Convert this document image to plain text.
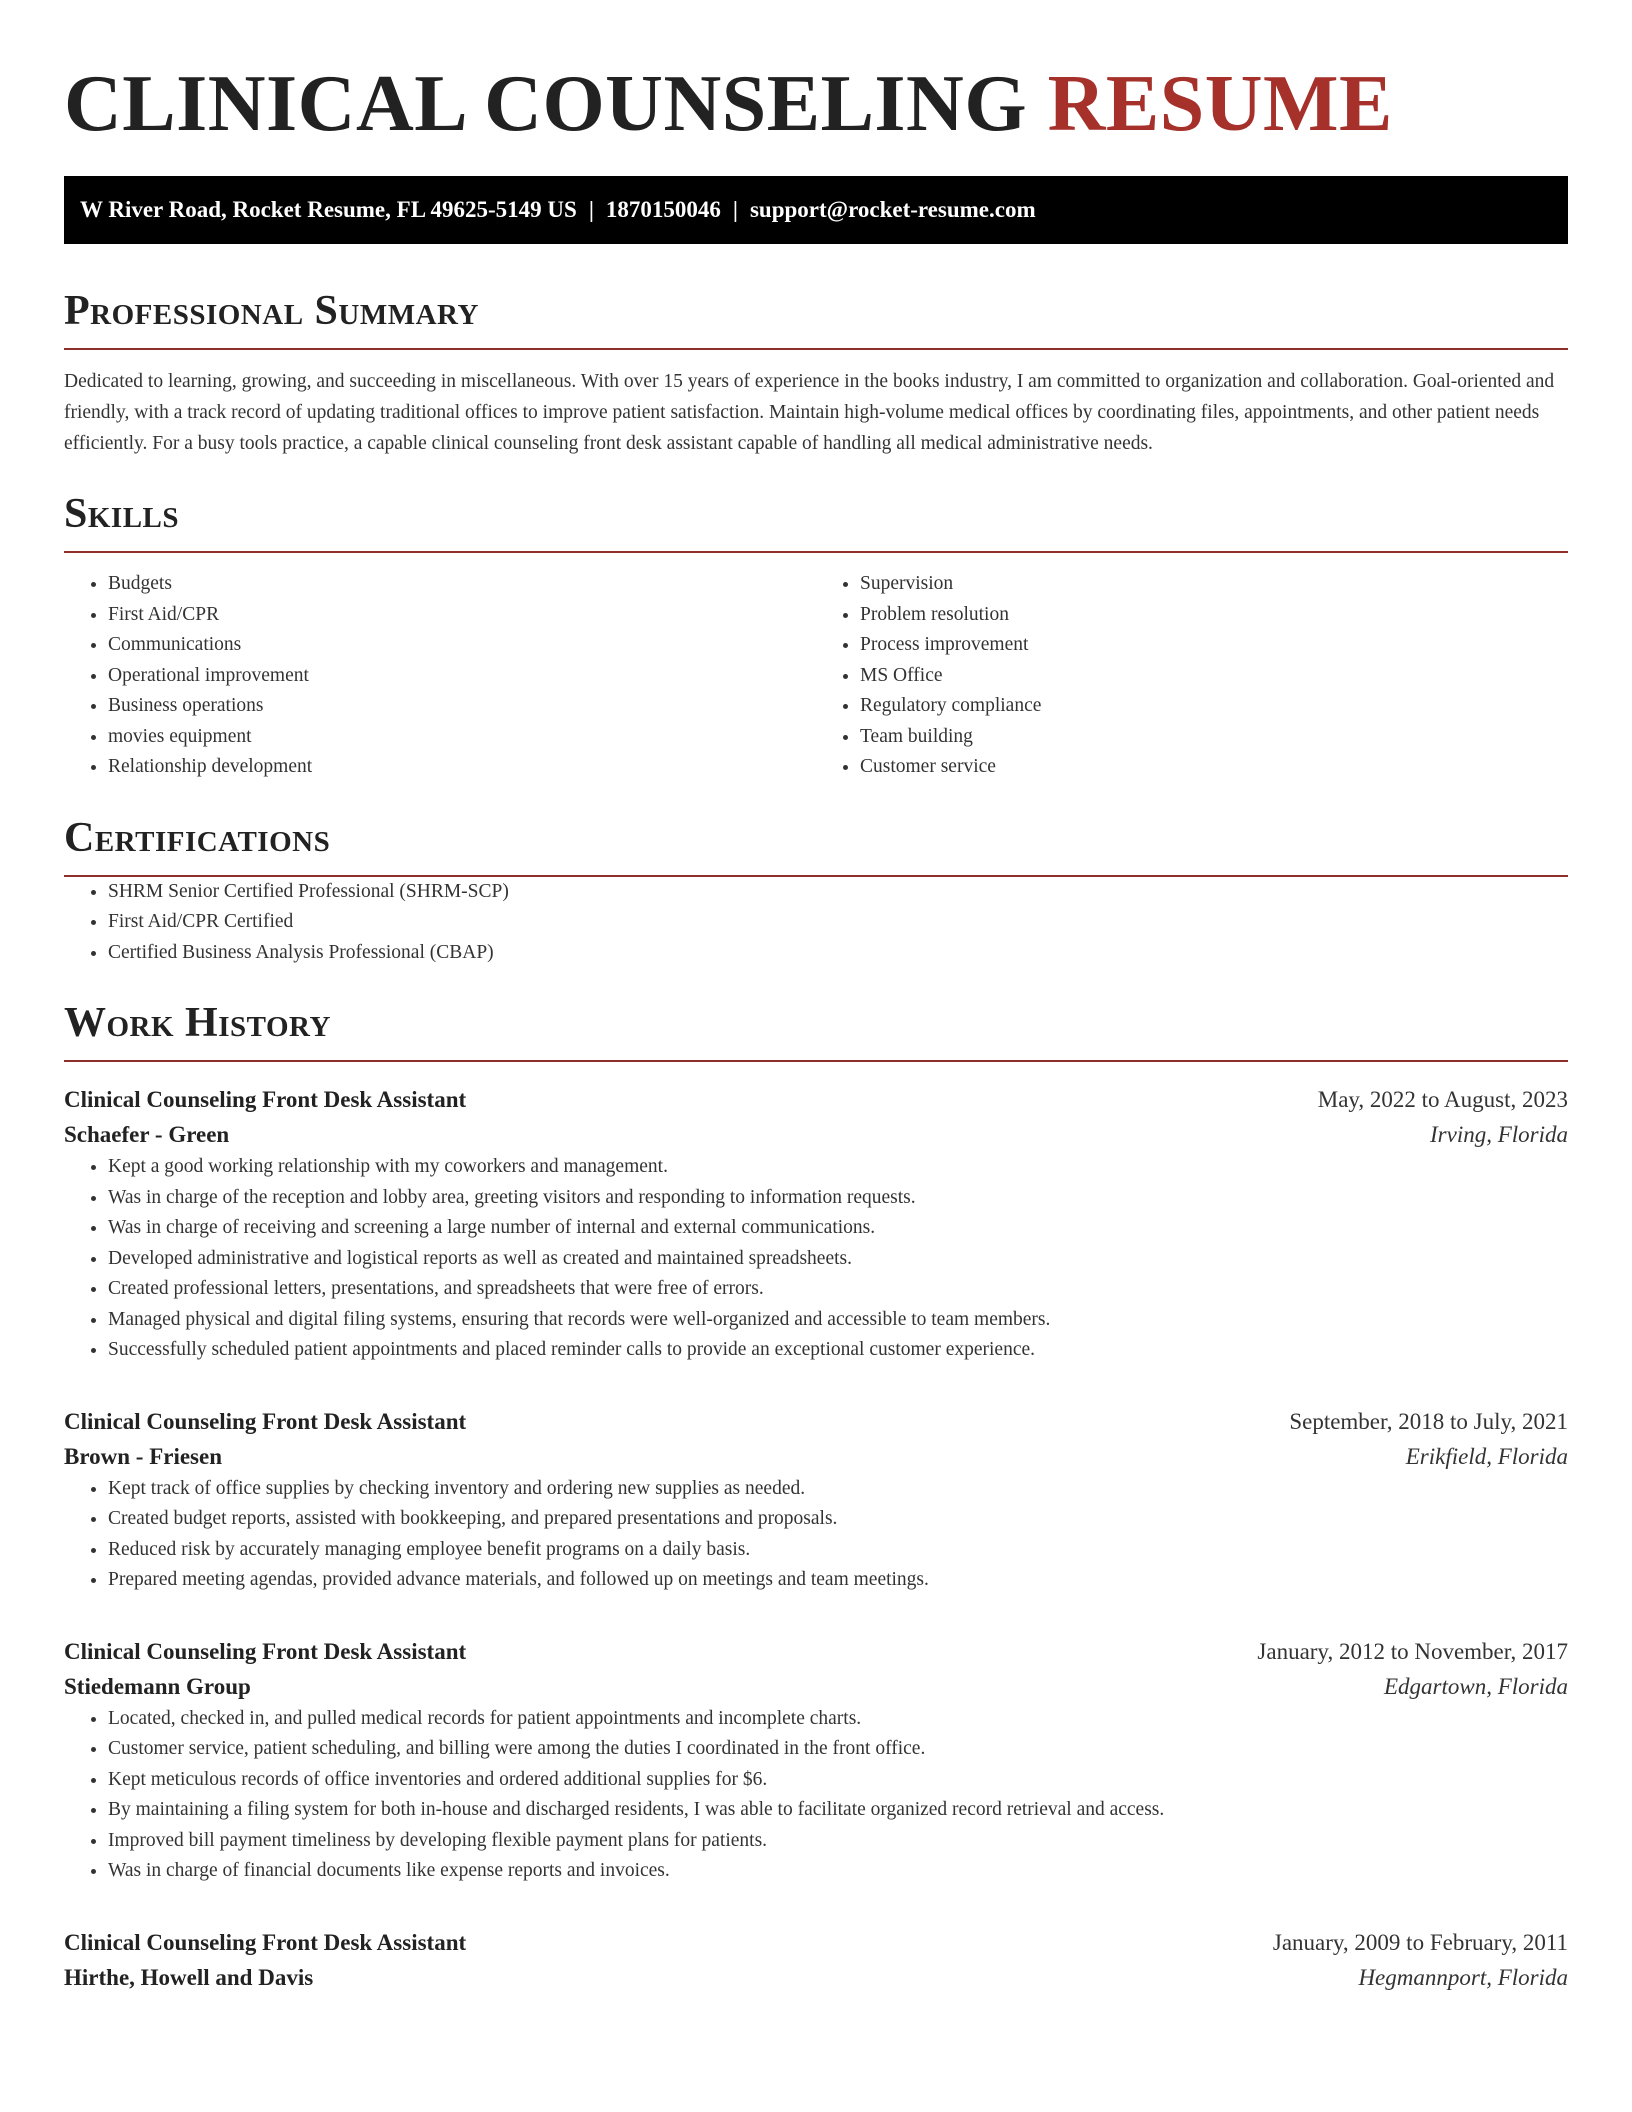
CLINICAL COUNSELING RESUME
W River Road, Rocket Resume, FL 49625-5149 US | 1870150046 | support@rocket-resume.com
Professional Summary

Dedicated to learning, growing, and succeeding in miscellaneous. With over 15 years of experience in the books industry, I am committed to organization and collaboration. Goal-oriented and friendly, with a track record of updating traditional offices to improve patient satisfaction. Maintain high-volume medical offices by coordinating files, appointments, and other patient needs efficiently. For a busy tools practice, a capable clinical counseling front desk assistant capable of handling all medical administrative needs.

Skills
• Budgets
• First Aid/CPR
• Communications
• Operational improvement
• Business operations
• movies equipment
• Relationship development
• Supervision
• Problem resolution
• Process improvement
• MS Office
• Regulatory compliance
• Team building
• Customer service
Certifications
• SHRM Senior Certified Professional (SHRM-SCP)
• First Aid/CPR Certified
• Certified Business Analysis Professional (CBAP)
Work History
Clinical Counseling Front Desk Assistant	May, 2022 to August, 2023
Schaefer - Green	Irving, Florida
• Kept a good working relationship with my coworkers and management.
• Was in charge of the reception and lobby area, greeting visitors and responding to information requests.
• Was in charge of receiving and screening a large number of internal and external communications.
• Developed administrative and logistical reports as well as created and maintained spreadsheets.
• Created professional letters, presentations, and spreadsheets that were free of errors.
• Managed physical and digital filing systems, ensuring that records were well-organized and accessible to team members.
• Successfully scheduled patient appointments and placed reminder calls to provide an exceptional customer experience.
Clinical Counseling Front Desk Assistant	September, 2018 to July, 2021
Brown - Friesen	Erikfield, Florida
• Kept track of office supplies by checking inventory and ordering new supplies as needed.
• Created budget reports, assisted with bookkeeping, and prepared presentations and proposals.
• Reduced risk by accurately managing employee benefit programs on a daily basis.
• Prepared meeting agendas, provided advance materials, and followed up on meetings and team meetings.
Clinical Counseling Front Desk Assistant	January, 2012 to November, 2017
Stiedemann Group	Edgartown, Florida
• Located, checked in, and pulled medical records for patient appointments and incomplete charts.
• Customer service, patient scheduling, and billing were among the duties I coordinated in the front office.
• Kept meticulous records of office inventories and ordered additional supplies for $6.
• By maintaining a filing system for both in-house and discharged residents, I was able to facilitate organized record retrieval and access.
• Improved bill payment timeliness by developing flexible payment plans for patients.
• Was in charge of financial documents like expense reports and invoices.
Clinical Counseling Front Desk Assistant	January, 2009 to February, 2011
Hirthe, Howell and Davis	Hegmannport, Florida
